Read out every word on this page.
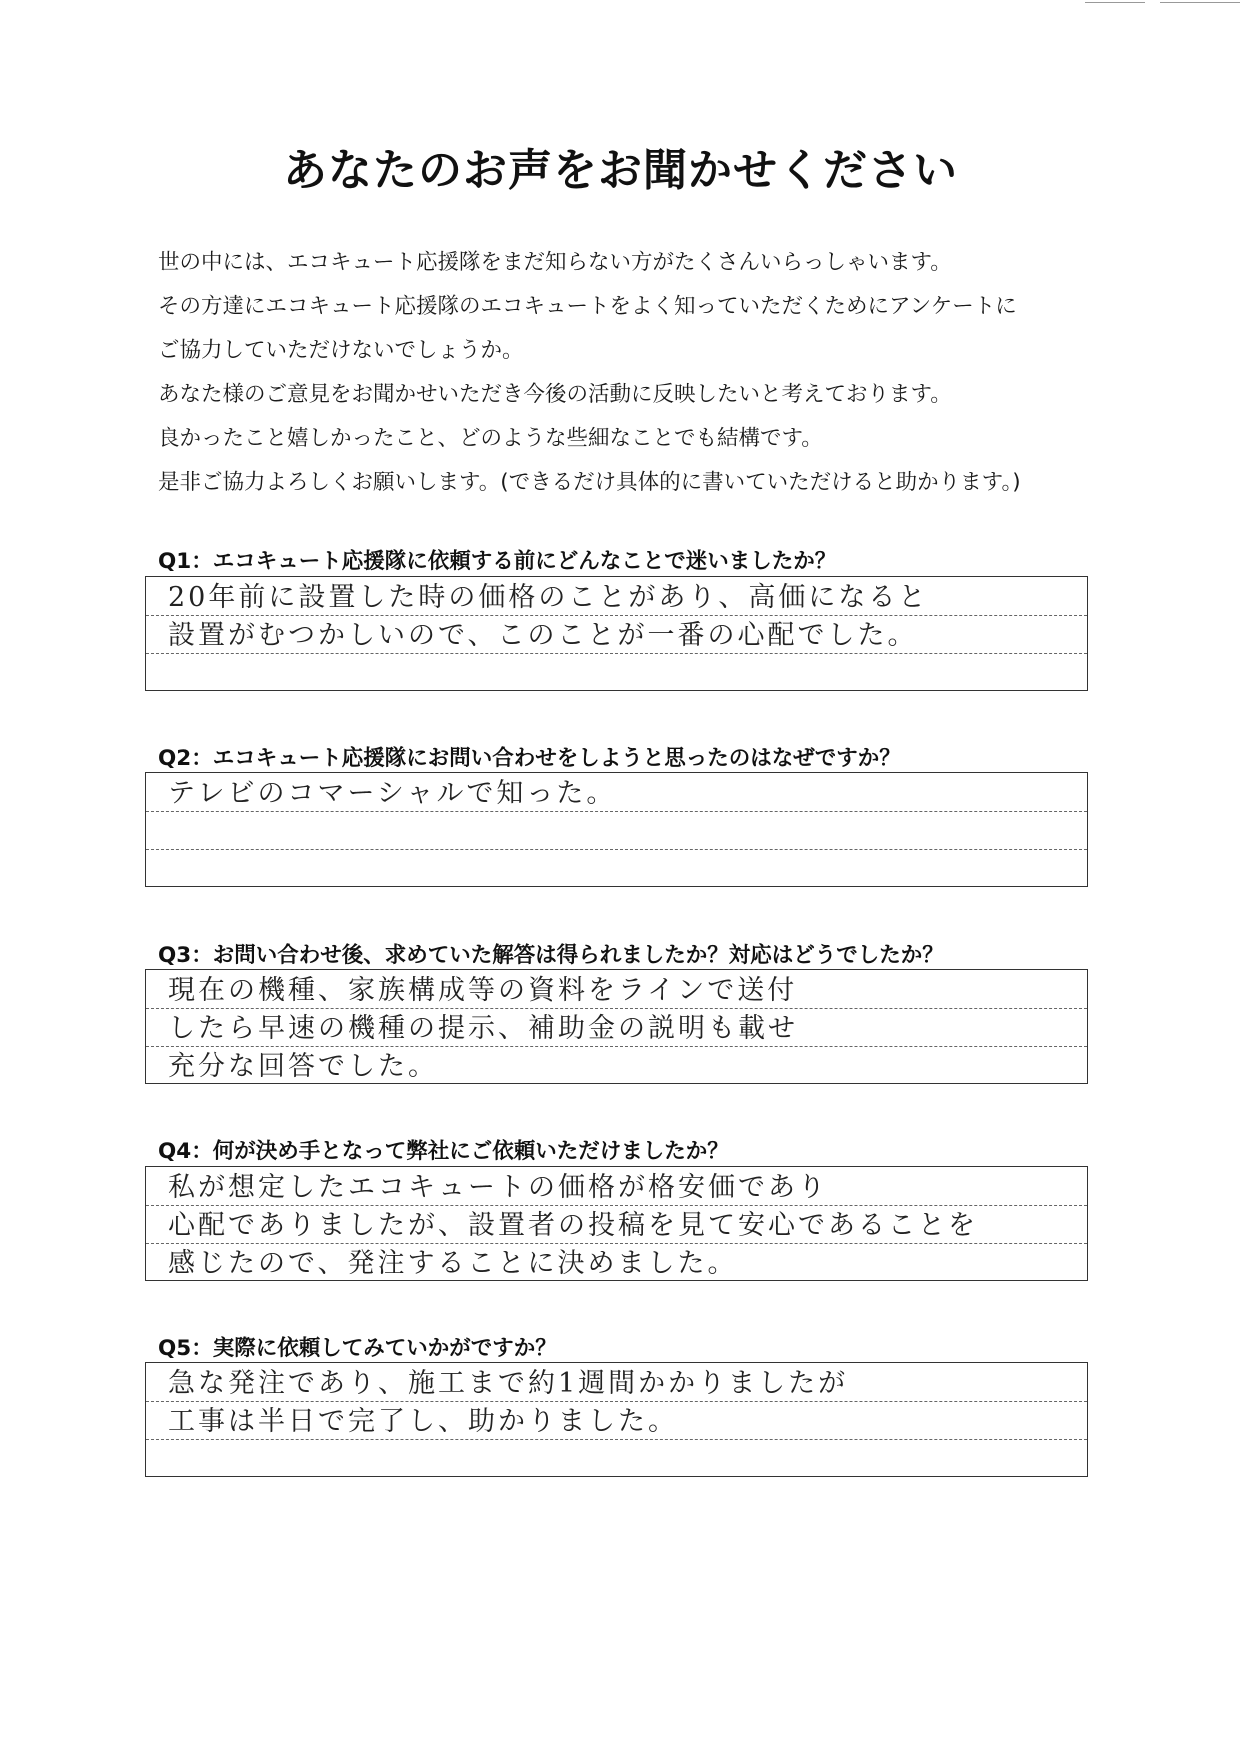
あなたのお声をお聞かせください
世の中には、エコキュート応援隊をまだ知らない方がたくさんいらっしゃいます。
その方達にエコキュート応援隊のエコキュートをよく知っていただくためにアンケートに
ご協力していただけないでしょうか。
あなた様のご意見をお聞かせいただき今後の活動に反映したいと考えております。
良かったこと嬉しかったこと、どのような些細なことでも結構です。
是非ご協力よろしくお願いします。(できるだけ具体的に書いていただけると助かります。)
Q1：エコキュート応援隊に依頼する前にどんなことで迷いましたか？
20年前に設置した時の価格のことがあり、高価になると
設置がむつかしいので、このことが一番の心配でした。
Q2：エコキュート応援隊にお問い合わせをしようと思ったのはなぜですか？
テレビのコマーシャルで知った。
Q3：お問い合わせ後、求めていた解答は得られましたか？対応はどうでしたか？
現在の機種、家族構成等の資料をラインで送付
したら早速の機種の提示、補助金の説明も載せ
充分な回答でした。
Q4：何が決め手となって弊社にご依頼いただけましたか？
私が想定したエコキュートの価格が格安価であり
心配でありましたが、設置者の投稿を見て安心であることを
感じたので、発注することに決めました。
Q5：実際に依頼してみていかがですか？
急な発注であり、施工まで約1週間かかりましたが
工事は半日で完了し、助かりました。
